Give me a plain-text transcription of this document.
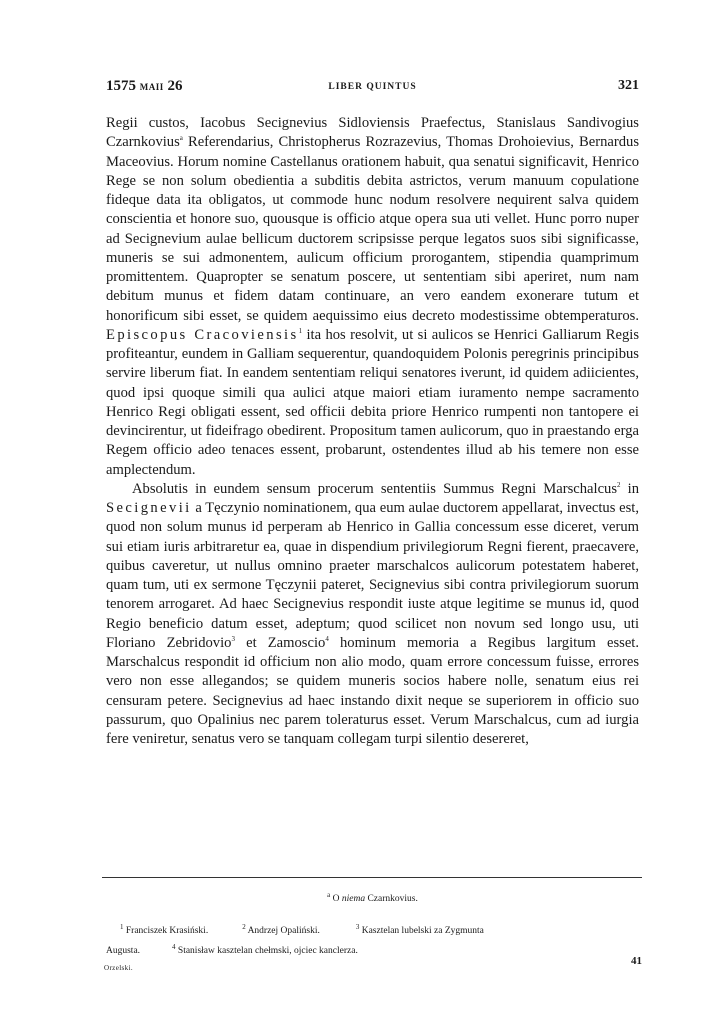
1575 MAII 26	LIBER QUINTUS	321

Regii custos, Iacobus Secignevius Sidloviensis Praefectus, Stanislaus Sandivogius Czarnkovius$^a$ Referendarius, Christopherus Rozrazevius, Thomas Drohoievius, Bernardus Maceovius. Horum nomine Castellanus orationem habuit, qua senatui significavit, Henrico Rege se non solum obedientia a subditis debita astrictos, verum manuum copulatione fideque data ita obligatos, ut commode hunc nodum resolvere nequirent salva quidem conscientia et honore suo, quousque is officio atque opera sua uti vellet. Hunc porro nuper ad Secignevium aulae bellicum ductorem scripsisse perque legatos suos sibi significasse, muneris se sui admonentem, aulicum officium prorogantem, stipendia quamprimum promittentem. Quapropter se senatum poscere, ut sententiam sibi aperiret, num nam debitum munus et fidem datam continuare, an vero eandem exonerare tutum et honorificum sibi esset, se quidem aequissimo eius decreto modestissime obtemperaturos. Episcopus Cracoviensis$^1$ ita hos resolvit, ut si aulicos se Henrici Galliarum Regis profiteantur, eundem in Galliam sequerentur, quandoquidem Polonis peregrinis principibus servire liberum fiat. In eandem sententiam reliqui senatores iverunt, id quidem adiicientes, quod ipsi quoque simili qua aulici atque maiori etiam iuramento nempe sacramento Henrico Regi obligati essent, sed officii debita priore Henrico rumpenti non tantopere ei devincirentur, ut fideifrago obedirent. Propositum tamen aulicorum, quo in praestando erga Regem officio adeo tenaces essent, probarunt, ostendentes illud ab his temere non esse amplectendum.

Absolutis in eundem sensum procerum sententiis Summus Regni Marschalcus$^2$ in Secignevii a Tęczynio nominationem, qua eum aulae ductorem appellarat, invectus est, quod non solum munus id perperam ab Henrico in Gallia concessum esse diceret, verum sui etiam iuris arbitraretur ea, quae in dispendium privilegiorum Regni fierent, praecavere, quibus caveretur, ut nullus omnino praeter marschalcos aulicorum potestatem haberet, quam tum, uti ex sermone Tęczynii pateret, Secignevius sibi contra privilegiorum suorum tenorem arrogaret. Ad haec Secignevius respondit iuste atque legitime se munus id, quod Regio beneficio datum esset, adeptum; quod scilicet non novum sed longo usu, uti Floriano Zebridovio$^3$ et Zamoscio$^4$ hominum memoria a Regibus largitum esset. Marschalcus respondit id officium non alio modo, quam errore concessum fuisse, errores vero non esse allegandos; se quidem muneris socios habere nolle, senatum eius rei censuram petere. Secignevius ad haec instando dixit neque se superiorem in officio suo passurum, quo Opalinius nec parem toleraturus esset. Verum Marschalcus, cum ad iurgia fere veniretur, senatus vero se tanquam collegam turpi silentio desereret,

$^a$ O niema Czarnkovius.
$^1$ Franciszek Krasiński.	$^2$ Andrzej Opaliński.	$^3$ Kasztelan lubelski za Zygmunta
Augusta.	$^4$ Stanisław kasztelan chełmski, ojciec kanclerza.
Orzelski.
41
